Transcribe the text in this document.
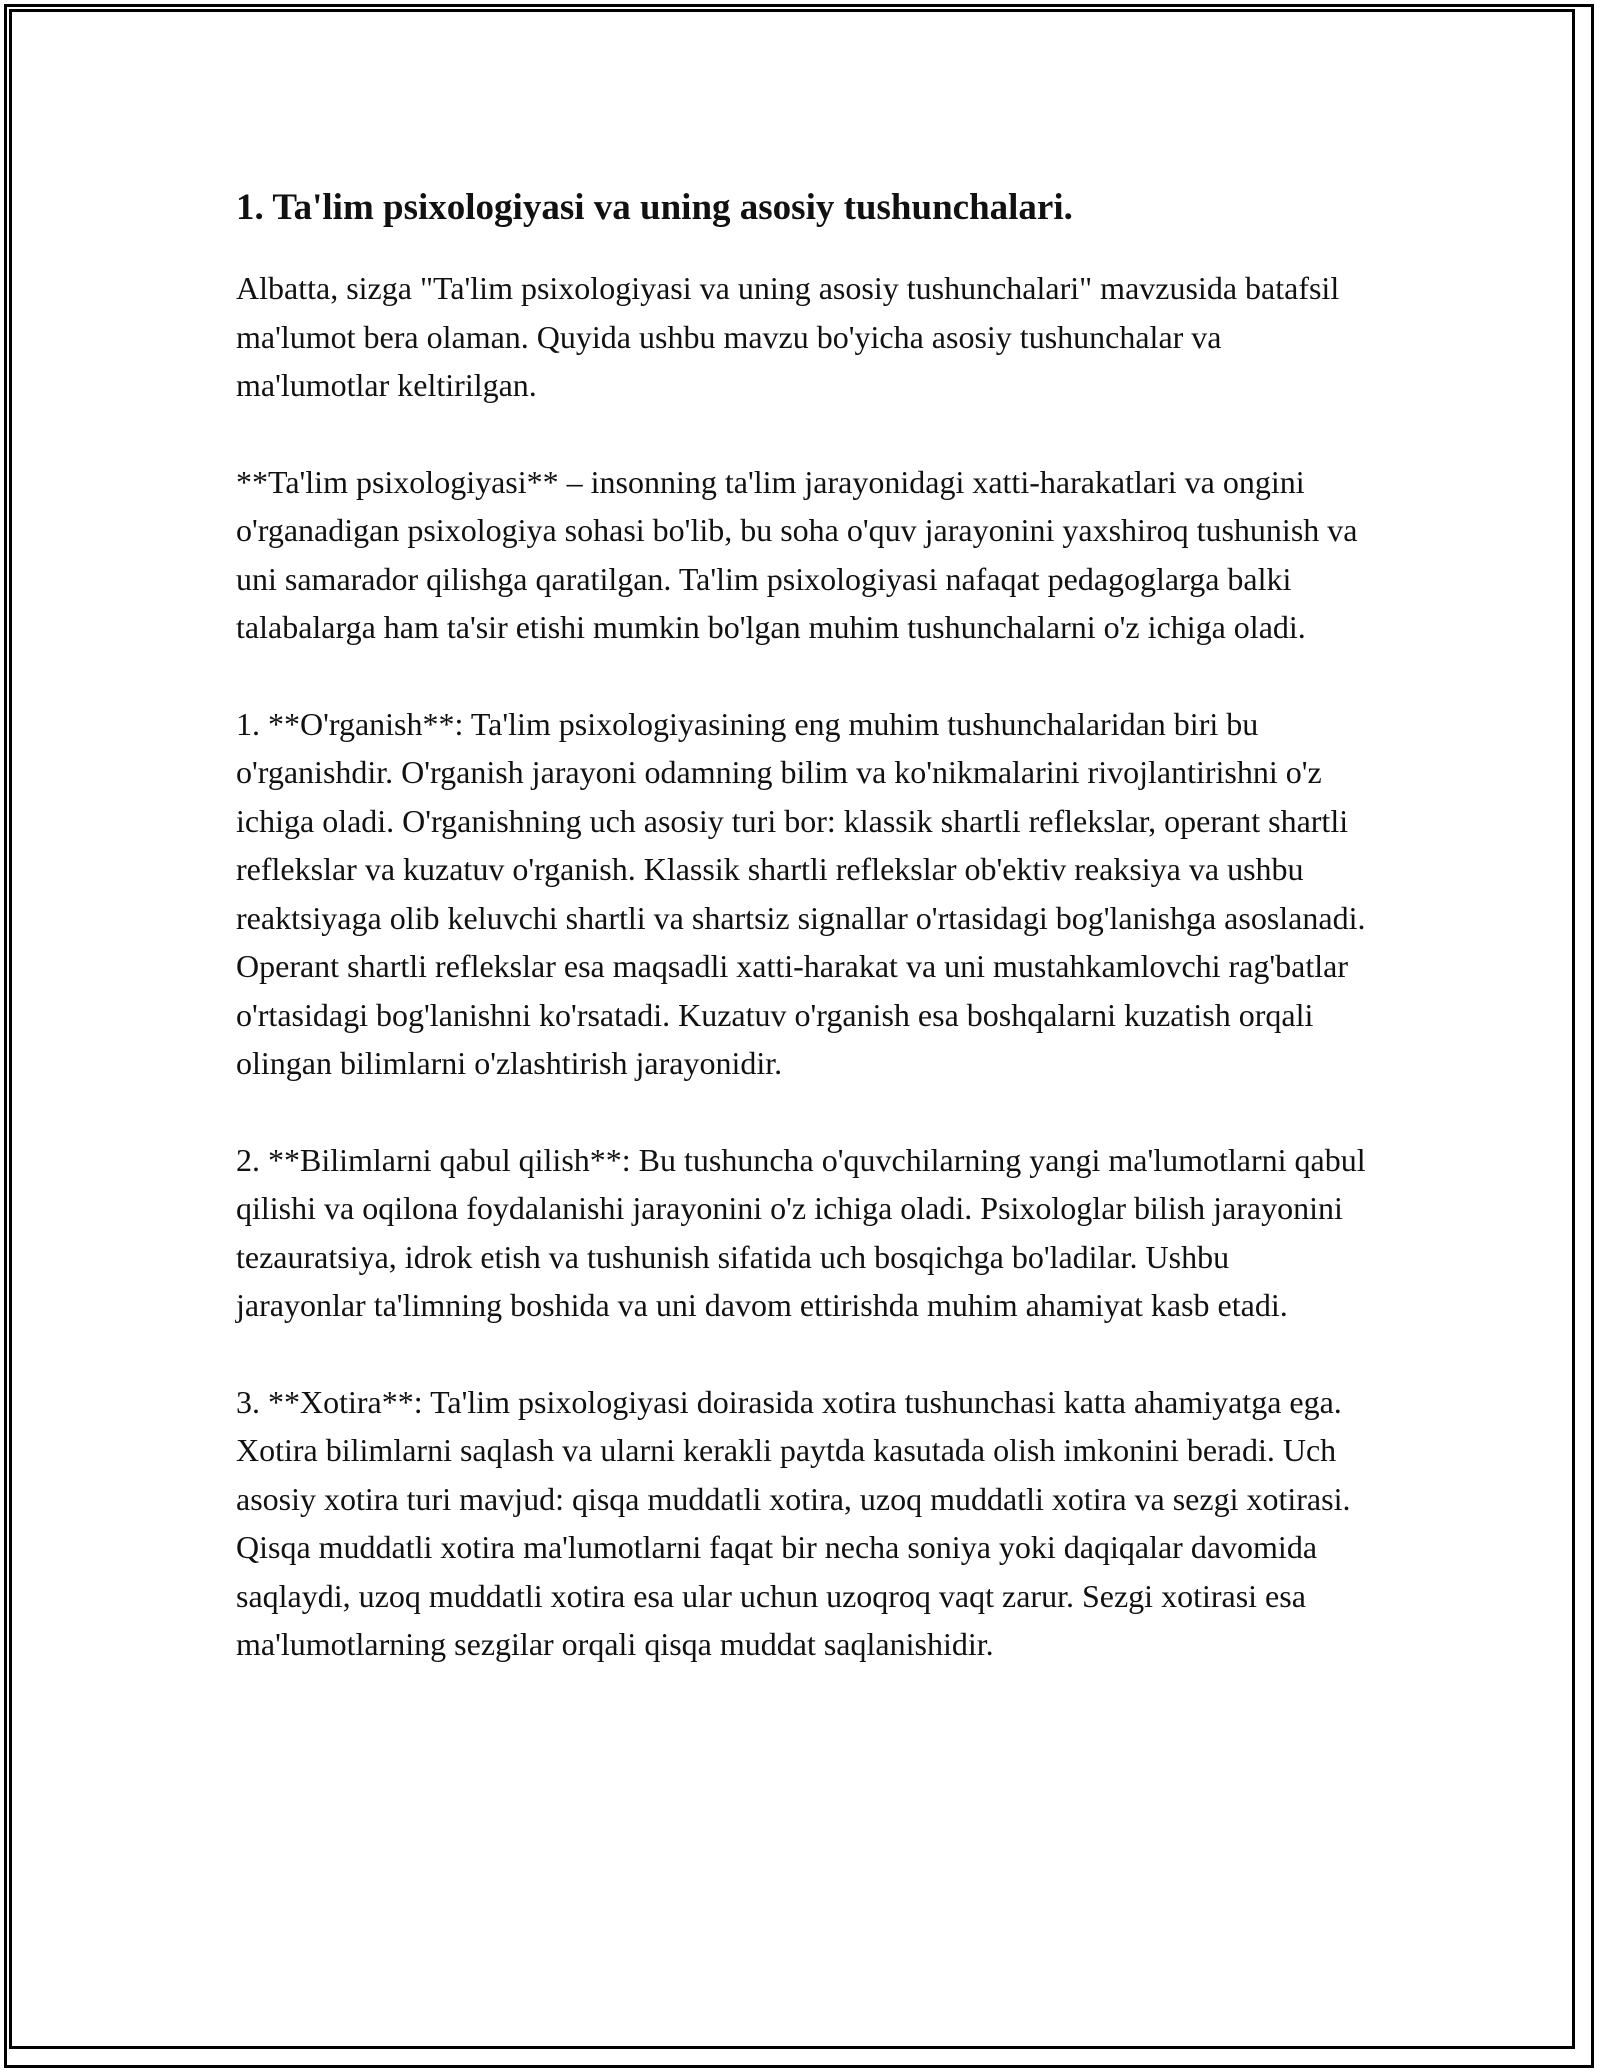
1. Ta'lim psixologiyasi va uning asosiy tushunchalari.

Albatta, sizga "Ta'lim psixologiyasi va uning asosiy tushunchalari" mavzusida batafsil ma'lumot bera olaman. Quyida ushbu mavzu bo'yicha asosiy tushunchalar va ma'lumotlar keltirilgan.

**Ta'lim psixologiyasi** – insonning ta'lim jarayonidagi xatti-harakatlari va ongini o'rganadigan psixologiya sohasi bo'lib, bu soha o'quv jarayonini yaxshiroq tushunish va uni samarador qilishga qaratilgan. Ta'lim psixologiyasi nafaqat pedagoglarga balki talabalarga ham ta'sir etishi mumkin bo'lgan muhim tushunchalarni o'z ichiga oladi.

1. **O'rganish**: Ta'lim psixologiyasining eng muhim tushunchalaridan biri bu o'rganishdir. O'rganish jarayoni odamning bilim va ko'nikmalarini rivojlantirishni o'z ichiga oladi. O'rganishning uch asosiy turi bor: klassik shartli reflekslar, operant shartli reflekslar va kuzatuv o'rganish. Klassik shartli reflekslar ob'ektiv reaksiya va ushbu reaktsiyaga olib keluvchi shartli va shartsiz signallar o'rtasidagi bog'lanishga asoslanadi. Operant shartli reflekslar esa maqsadli xatti-harakat va uni mustahkamlovchi rag'batlar o'rtasidagi bog'lanishni ko'rsatadi. Kuzatuv o'rganish esa boshqalarni kuzatish orqali olingan bilimlarni o'zlashtirish jarayonidir.

2. **Bilimlarni qabul qilish**: Bu tushuncha o'quvchilarning yangi ma'lumotlarni qabul qilishi va oqilona foydalanishi jarayonini o'z ichiga oladi. Psixologlar bilish jarayonini tezauratsiya, idrok etish va tushunish sifatida uch bosqichga bo'ladilar. Ushbu jarayonlar ta'limning boshida va uni davom ettirishda muhim ahamiyat kasb etadi.

3. **Xotira**: Ta'lim psixologiyasi doirasida xotira tushunchasi katta ahamiyatga ega. Xotira bilimlarni saqlash va ularni kerakli paytda kasutada olish imkonini beradi. Uch asosiy xotira turi mavjud: qisqa muddatli xotira, uzoq muddatli xotira va sezgi xotirasi. Qisqa muddatli xotira ma'lumotlarni faqat bir necha soniya yoki daqiqalar davomida saqlaydi, uzoq muddatli xotira esa ular uchun uzoqroq vaqt zarur. Sezgi xotirasi esa ma'lumotlarning sezgilar orqali qisqa muddat saqlanishidir.
